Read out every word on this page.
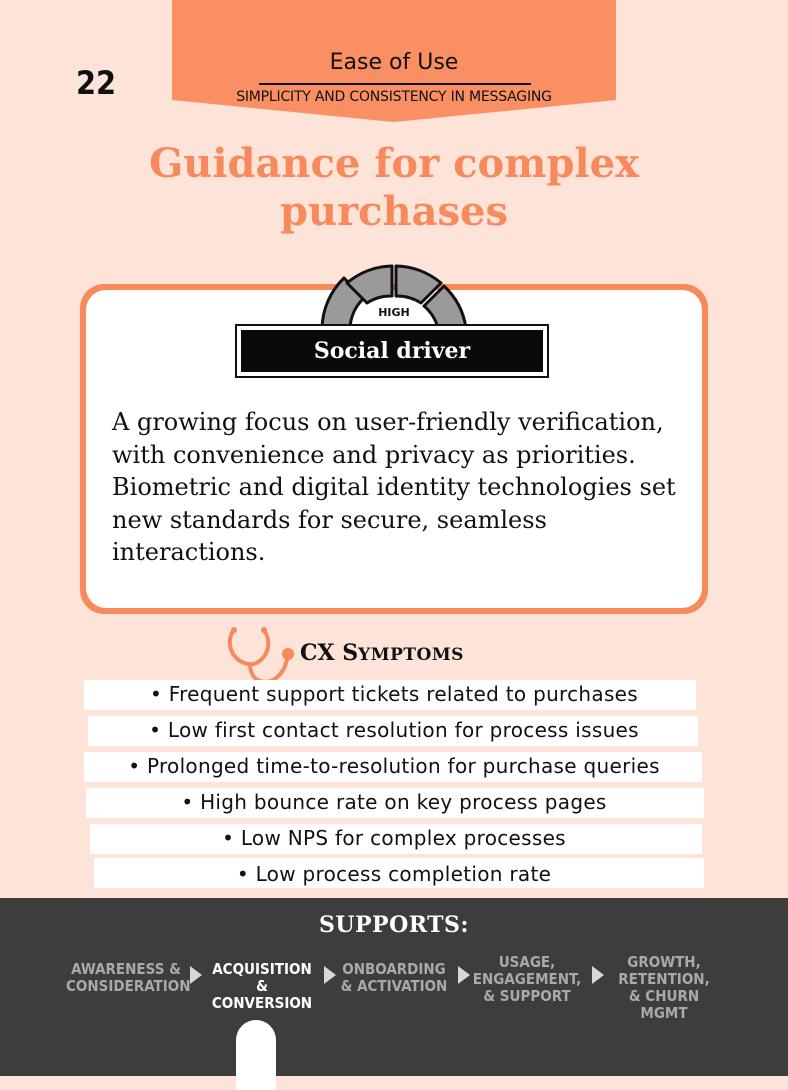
Ease of Use
SIMPLICITY AND CONSISTENCY IN MESSAGING
22
Guidance for complex
purchases
HIGH
Social driver
A growing focus on user-friendly verification, with convenience and privacy as priorities. Biometric and digital identity technologies set new standards for secure, seamless interactions.
CX SYMPTOMS
• Frequent support tickets related to purchases
• Low first contact resolution for process issues
• Prolonged time-to-resolution for purchase queries
• High bounce rate on key process pages
• Low NPS for complex processes
• Low process completion rate
SUPPORTS:
AWARENESS &
CONSIDERATION
ACQUISITION
& CONVERSION
ONBOARDING
& ACTIVATION
USAGE,
ENGAGEMENT,
& SUPPORT
GROWTH,
RETENTION,
& CHURN MGMT
